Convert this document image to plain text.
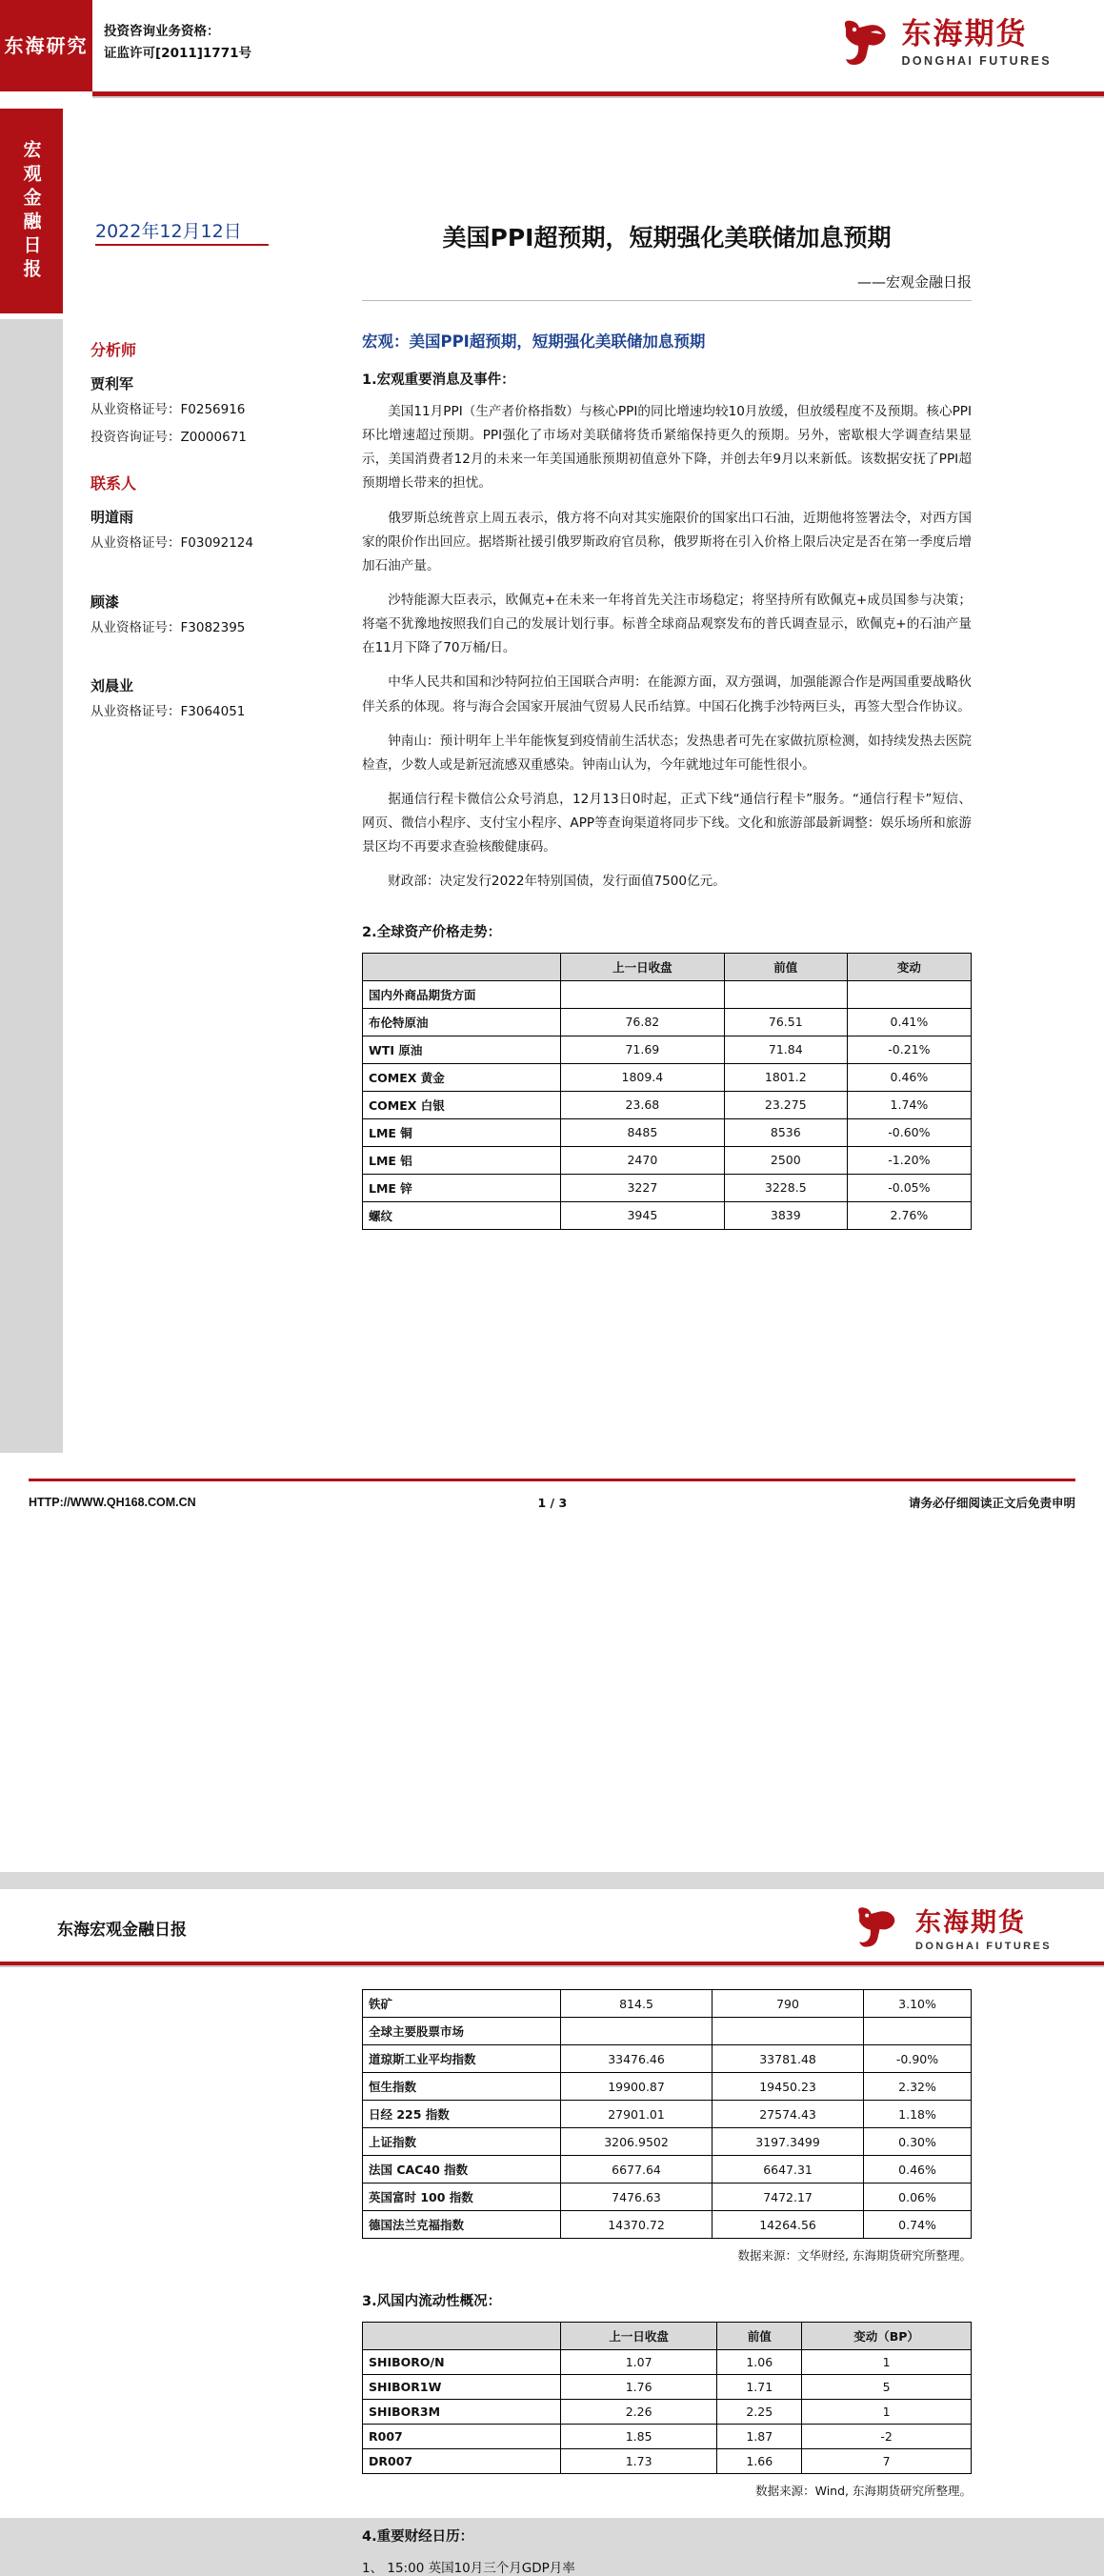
东海研究
宏观金融日报
投资咨询业务资格：
证监许可[2011]1771号
东海期货
DONGHAI FUTURES
2022年12月12日	美国PPI超预期，短期强化美联储加息预期
——宏观金融日报
分析师
贾利军
从业资格证号：F0256916
投资咨询证号：Z0000671
联系人
明道雨
从业资格证号：F03092124
顾漆
从业资格证号：F3082395
刘晨业
从业资格证号：F3064051
宏观：美国PPI超预期，短期强化美联储加息预期
1.宏观重要消息及事件：

美国11月PPI（生产者价格指数）与核心PPI的同比增速均较10月放缓，但放缓程度不及预期。核心PPI环比增速超过预期。PPI强化了市场对美联储将货币紧缩保持更久的预期。另外，密歇根大学调查结果显示，美国消费者12月的未来一年美国通胀预期初值意外下降，并创去年9月以来新低。该数据安抚了PPI超预期增长带来的担忧。

俄罗斯总统普京上周五表示，俄方将不向对其实施限价的国家出口石油，近期他将签署法令，对西方国家的限价作出回应。据塔斯社援引俄罗斯政府官员称，俄罗斯将在引入价格上限后决定是否在第一季度后增加石油产量。

沙特能源大臣表示，欧佩克+在未来一年将首先关注市场稳定；将坚持所有欧佩克+成员国参与决策；将毫不犹豫地按照我们自己的发展计划行事。标普全球商品观察发布的普氏调查显示，欧佩克+的石油产量在11月下降了70万桶/日。

中华人民共和国和沙特阿拉伯王国联合声明：在能源方面，双方强调，加强能源合作是两国重要战略伙伴关系的体现。将与海合会国家开展油气贸易人民币结算。中国石化携手沙特两巨头，再签大型合作协议。

钟南山：预计明年上半年能恢复到疫情前生活状态；发热患者可先在家做抗原检测，如持续发热去医院检查，少数人或是新冠流感双重感染。钟南山认为，今年就地过年可能性很小。

据通信行程卡微信公众号消息，12月13日0时起，正式下线“通信行程卡”服务。“通信行程卡”短信、网页、微信小程序、支付宝小程序、APP等查询渠道将同步下线。文化和旅游部最新调整：娱乐场所和旅游景区均不再要求查验核酸健康码。

财政部：决定发行2022年特别国债，发行面值7500亿元。

2.全球资产价格走势：
	上一日收盘	前值	变动
国内外商品期货方面			
布伦特原油	76.82	76.51	0.41%
WTI 原油	71.69	71.84	-0.21%
COMEX 黄金	1809.4	1801.2	0.46%
COMEX 白银	23.68	23.275	1.74%
LME 铜	8485	8536	-0.60%
LME 铝	2470	2500	-1.20%
LME 锌	3227	3228.5	-0.05%
螺纹	3945	3839	2.76%
HTTP://WWW.QH168.COM.CN	1 / 3	请务必仔细阅读正文后免责申明
东海宏观金融日报	东海期货
DONGHAI FUTURES
铁矿	814.5	790	3.10%
全球主要股票市场			
道琼斯工业平均指数	33476.46	33781.48	-0.90%
恒生指数	19900.87	19450.23	2.32%
日经 225 指数	27901.01	27574.43	1.18%
上证指数	3206.9502	3197.3499	0.30%
法国 CAC40 指数	6677.64	6647.31	0.46%
英国富时 100 指数	7476.63	7472.17	0.06%
德国法兰克福指数	14370.72	14264.56	0.74%
数据来源：文华财经, 东海期货研究所整理。
3.风国内流动性概况：
	上一日收盘	前值	变动（BP）
SHIBORO/N	1.07	1.06	1
SHIBOR1W	1.76	1.71	5
SHIBOR3M	2.26	2.25	1
R007	1.85	1.87	-2
DR007	1.73	1.66	7
数据来源：Wind, 东海期货研究所整理。
4.重要财经日历：
1、 15:00 英国10月三个月GDP月率
